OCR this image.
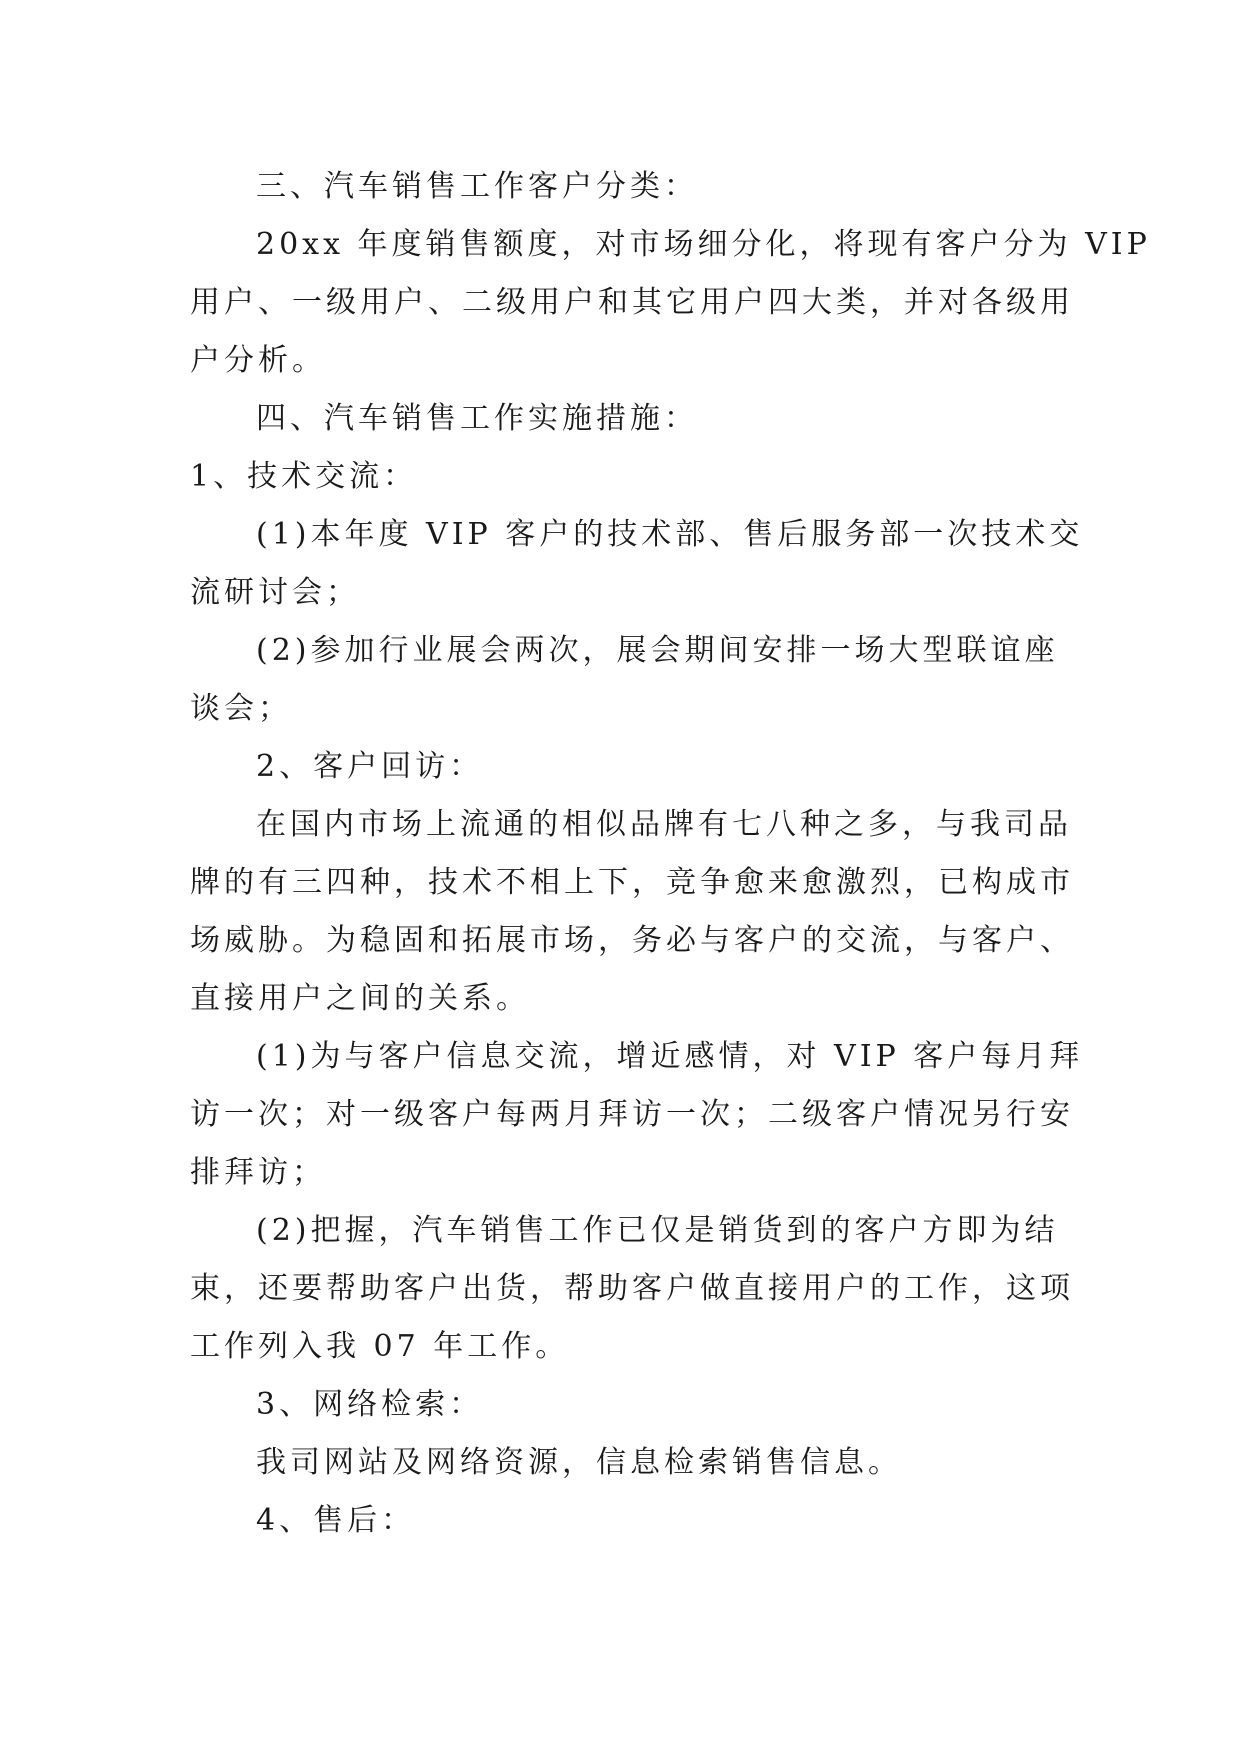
三、汽车销售工作客户分类：
20xx 年度销售额度，对市场细分化，将现有客户分为 VIP
用户、一级用户、二级用户和其它用户四大类，并对各级用
户分析。
四、汽车销售工作实施措施：
1、技术交流：
(1)本年度 VIP 客户的技术部、售后服务部一次技术交
流研讨会；
(2)参加行业展会两次，展会期间安排一场大型联谊座
谈会；
2、客户回访：
在国内市场上流通的相似品牌有七八种之多，与我司品
牌的有三四种，技术不相上下，竞争愈来愈激烈，已构成市
场威胁。为稳固和拓展市场，务必与客户的交流，与客户、
直接用户之间的关系。
(1)为与客户信息交流，增近感情，对 VIP 客户每月拜
访一次；对一级客户每两月拜访一次；二级客户情况另行安
排拜访；
(2)把握，汽车销售工作已仅是销货到的客户方即为结
束，还要帮助客户出货，帮助客户做直接用户的工作，这项
工作列入我 07 年工作。
3、网络检索：
我司网站及网络资源，信息检索销售信息。
4、售后：
